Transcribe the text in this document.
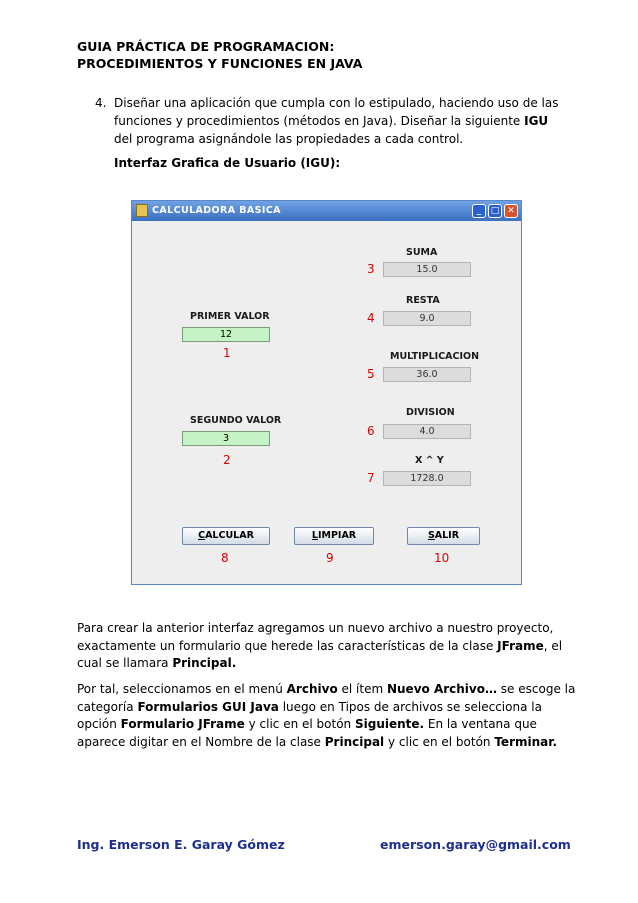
GUIA PRÁCTICA DE PROGRAMACION:
PROCEDIMIENTOS Y FUNCIONES EN JAVA
4. Diseñar una aplicación que cumpla con lo estipulado, haciendo uso de las funciones y procedimientos (métodos en Java). Diseñar la siguiente IGU del programa asignándole las propiedades a cada control.
Interfaz Grafica de Usuario (IGU):
CALCULADORA BASICA	_	□ ✕
PRIMER VALOR
12
1
SEGUNDO VALOR
3
2
SUMA
15.0
3
RESTA
9.0
4
MULTIPLICACION
36.0
5
DIVISION
4.0
6
X ^ Y
1728.0
7
CALCULAR	LIMPIAR	SALIR
8	9	10
Para crear la anterior interfaz agregamos un nuevo archivo a nuestro proyecto, exactamente un formulario que herede las características de la clase JFrame, el cual se llamara Principal.
Por tal, seleccionamos en el menú Archivo el ítem Nuevo Archivo… se escoge la categoría Formularios GUI Java luego en Tipos de archivos se selecciona la opción Formulario JFrame y clic en el botón Siguiente. En la ventana que aparece digitar en el Nombre de la clase Principal y clic en el botón Terminar.
Ing. Emerson E. Garay Gómez	emerson.garay@gmail.com
